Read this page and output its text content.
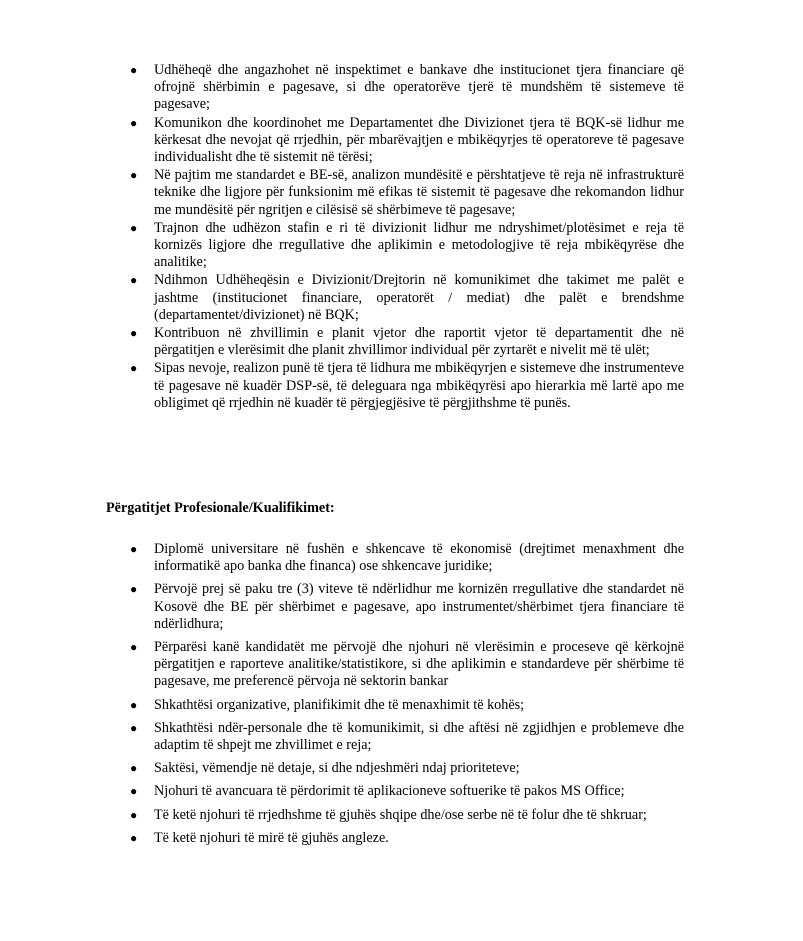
● Udhëheqë dhe angazhohet në inspektimet e bankave dhe institucionet tjera financiare që ofrojnë shërbimin e pagesave, si dhe operatorëve tjerë të mundshëm të sistemeve të pagesave;
● Komunikon dhe koordinohet me Departamentet dhe Divizionet tjera të BQK-së lidhur me kërkesat dhe nevojat që rrjedhin, për mbarëvajtjen e mbikëqyrjes të operatoreve të pagesave individualisht dhe të sistemit në tërësi;
● Në pajtim me standardet e BE-së, analizon mundësitë e përshtatjeve të reja në infrastrukturë teknike dhe ligjore për funksionim më efikas të sistemit të pagesave dhe rekomandon lidhur me mundësitë për ngritjen e cilësisë së shërbimeve të pagesave;
● Trajnon dhe udhëzon stafin e ri të divizionit lidhur me ndryshimet/plotësimet e reja të kornizës ligjore dhe rregullative dhe aplikimin e metodologjive të reja mbikëqyrëse dhe analitike;
● Ndihmon Udhëheqësin e Divizionit/Drejtorin në komunikimet dhe takimet me palët e jashtme (institucionet financiare, operatorët / mediat) dhe palët e brendshme (departamentet/divizionet) në BQK;
● Kontribuon në zhvillimin e planit vjetor dhe raportit vjetor të departamentit dhe në përgatitjen e vlerësimit dhe planit zhvillimor individual për zyrtarët e nivelit më të ulët;
● Sipas nevoje, realizon punë të tjera të lidhura me mbikëqyrjen e sistemeve dhe instrumenteve të pagesave në kuadër DSP-së, të deleguara nga mbikëqyrësi apo hierarkia më lartë apo me obligimet që rrjedhin në kuadër të përgjegjësive të përgjithshme të punës.
Përgatitjet Profesionale/Kualifikimet:
● Diplomë universitare në fushën e shkencave të ekonomisë (drejtimet menaxhment dhe informatikë apo banka dhe financa) ose shkencave juridike;
● Përvojë prej së paku tre (3) viteve të ndërlidhur me kornizën rregullative dhe standardet në Kosovë dhe BE për shërbimet e pagesave, apo instrumentet/shërbimet tjera financiare të ndërlidhura;
● Përparësi kanë kandidatët me përvojë dhe njohuri në vlerësimin e proceseve që kërkojnë përgatitjen e raporteve analitike/statistikore, si dhe aplikimin e standardeve për shërbime të pagesave, me preferencë përvoja në sektorin bankar
● Shkathtësi organizative, planifikimit dhe të menaxhimit të kohës;
● Shkathtësi ndër-personale dhe të komunikimit, si dhe aftësi në zgjidhjen e problemeve dhe adaptim të shpejt me zhvillimet e reja;
● Saktësi, vëmendje në detaje, si dhe ndjeshmëri ndaj prioriteteve;
● Njohuri të avancuara të përdorimit të aplikacioneve softuerike të pakos MS Office;
● Të ketë njohuri të rrjedhshme të gjuhës shqipe dhe/ose serbe në të folur dhe të shkruar;
● Të ketë njohuri të mirë të gjuhës angleze.
